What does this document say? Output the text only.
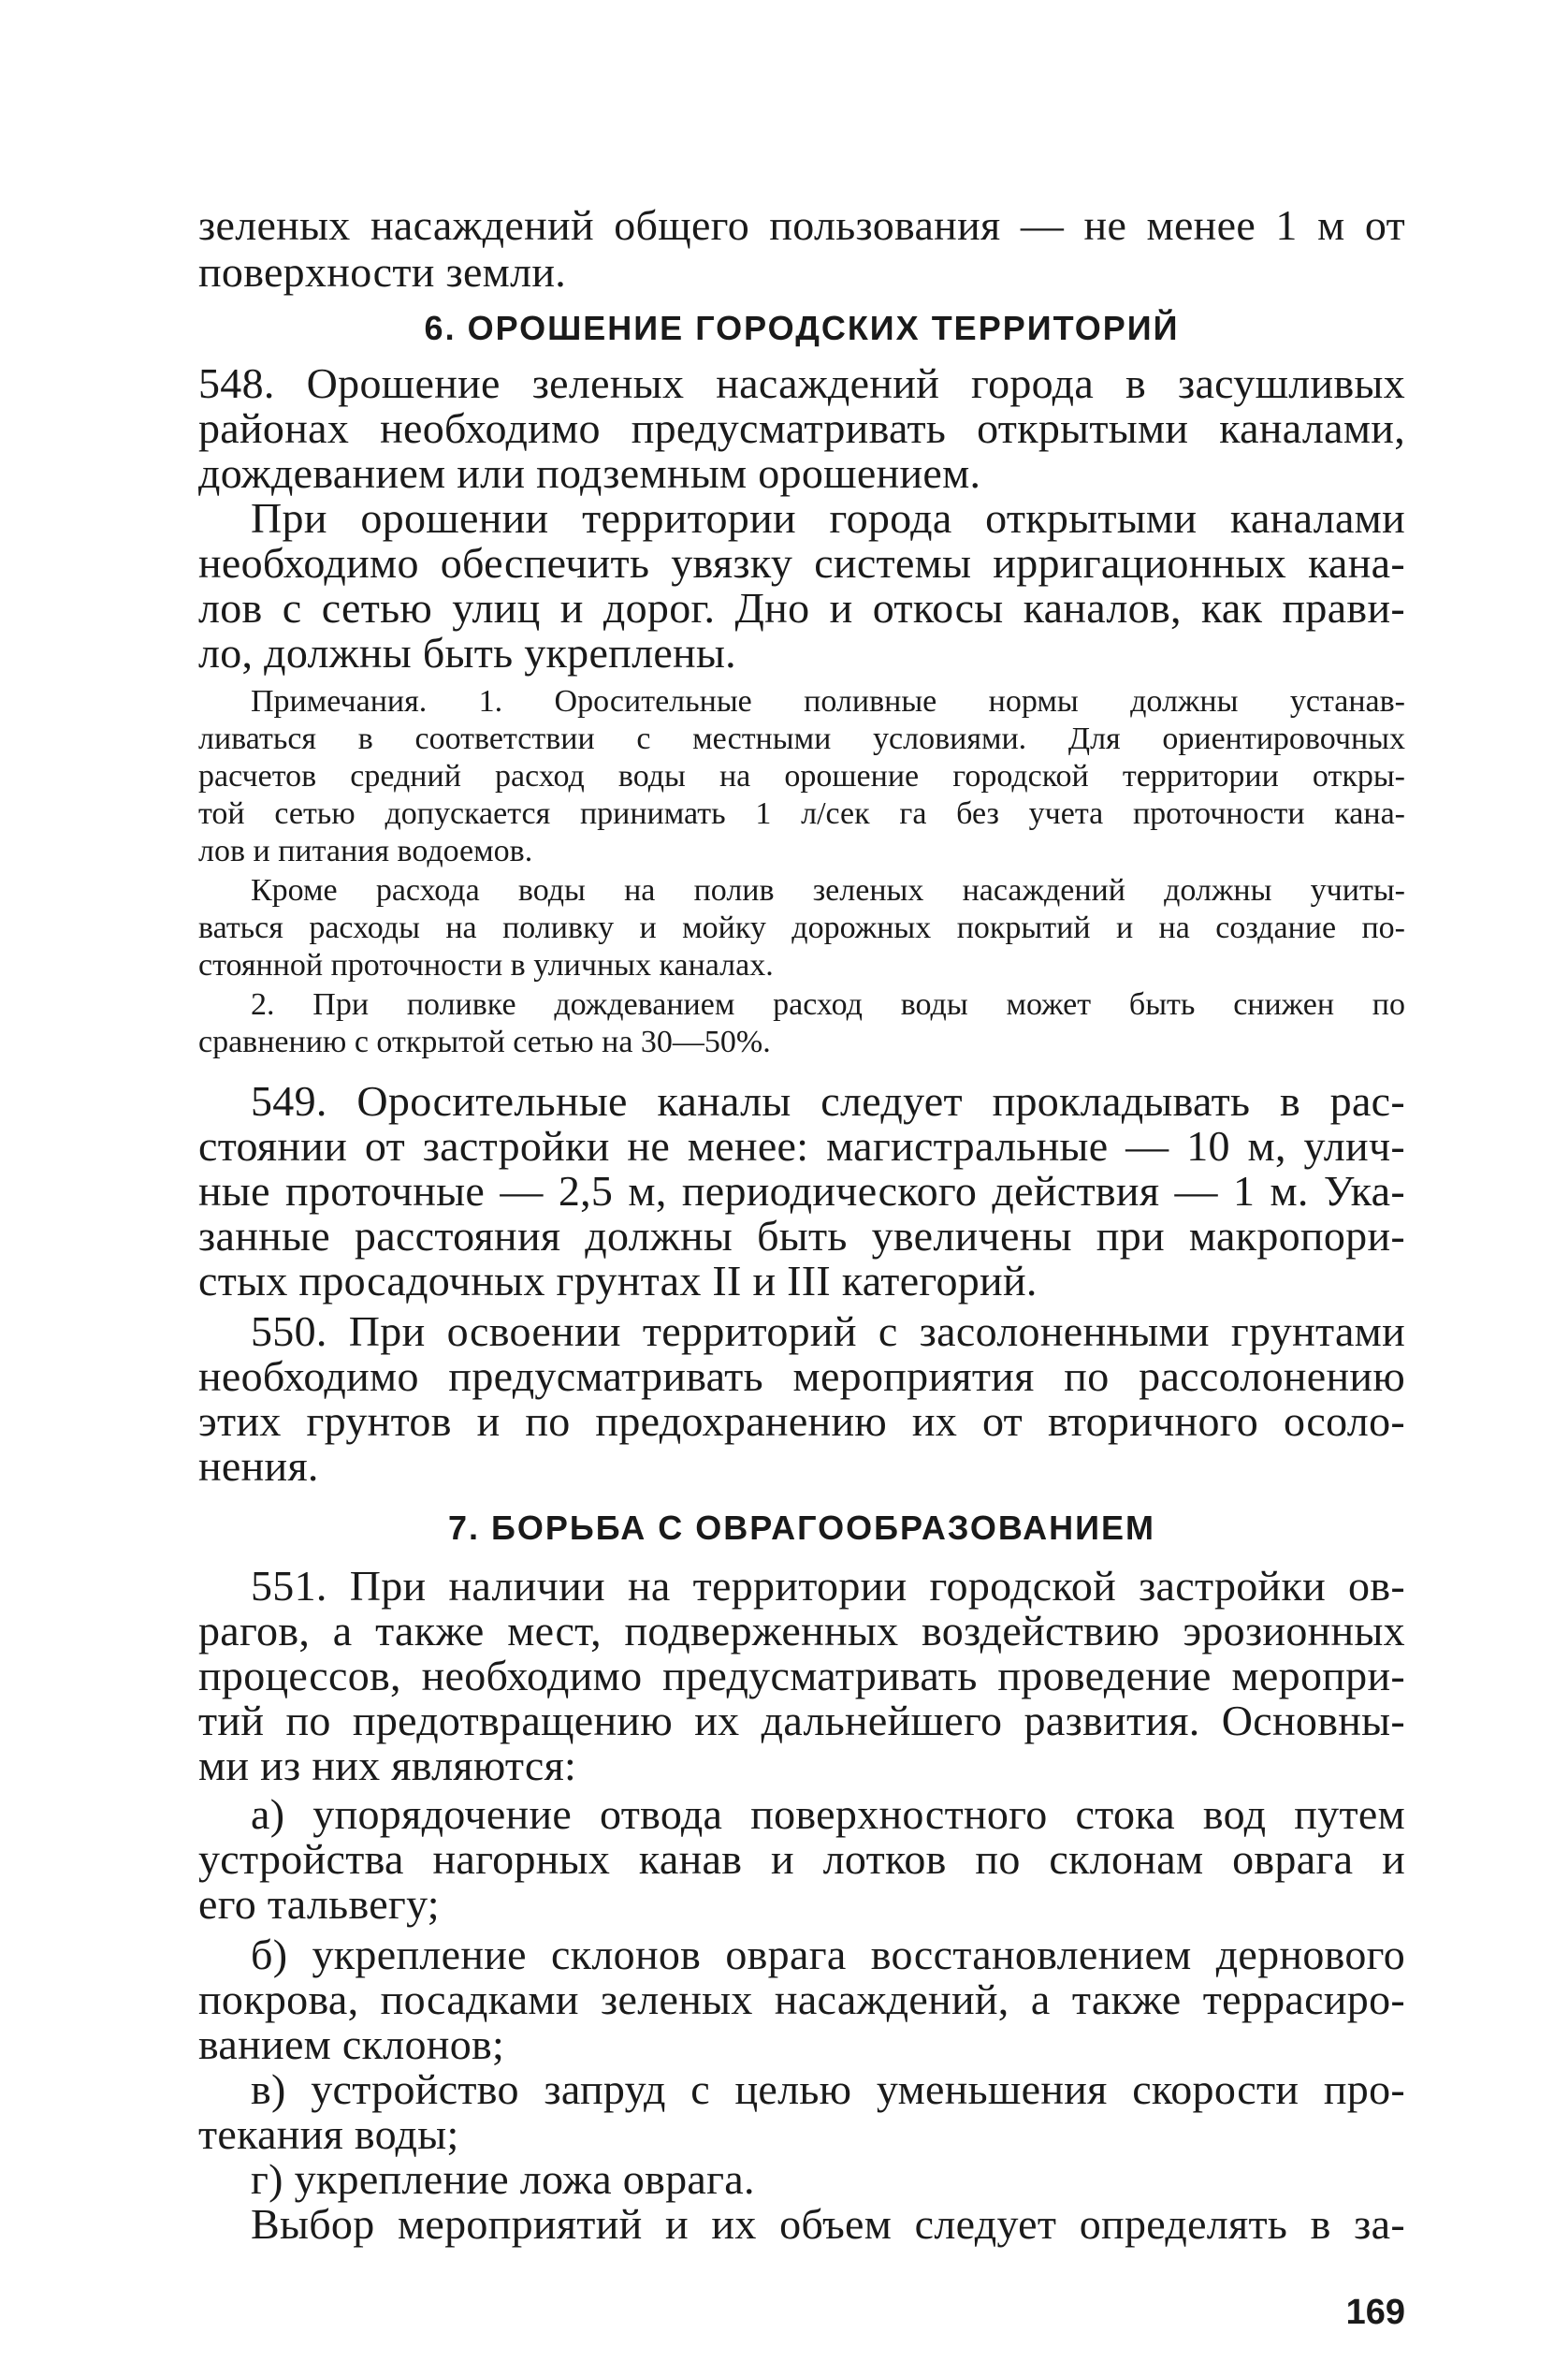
зеленых насаждений общего пользования — не менее 1 м от
поверхности земли.
6. ОРОШЕНИЕ ГОРОДСКИХ ТЕРРИТОРИЙ
548. Орошение зеленых насаждений города в засушливых
районах необходимо предусматривать открытыми каналами,
дождеванием или подземным орошением.
При орошении территории города открытыми каналами
необходимо обеспечить увязку системы ирригационных кана-
лов с сетью улиц и дорог. Дно и откосы каналов, как прави-
ло, должны быть укреплены.
Примечания. 1. Оросительные поливные нормы должны устанав-
ливаться в соответствии с местными условиями. Для ориентировочных
расчетов средний расход воды на орошение городской территории откры-
той сетью допускается принимать 1 л/сек га без учета проточности кана-
лов и питания водоемов.
Кроме расхода воды на полив зеленых насаждений должны учиты-
ваться расходы на поливку и мойку дорожных покрытий и на создание по-
стоянной проточности в уличных каналах.
2. При поливке дождеванием расход воды может быть снижен по
сравнению с открытой сетью на 30—50%.
549. Оросительные каналы следует прокладывать в рас-
стоянии от застройки не менее: магистральные — 10 м, улич-
ные проточные — 2,5 м, периодического действия — 1 м. Ука-
занные расстояния должны быть увеличены при макропори-
стых просадочных грунтах II и III категорий.
550. При освоении территорий с засолоненными грунтами
необходимо предусматривать мероприятия по рассолонению
этих грунтов и по предохранению их от вторичного осоло-
нения.
7. БОРЬБА С ОВРАГООБРАЗОВАНИЕМ
551. При наличии на территории городской застройки ов-
рагов, а также мест, подверженных воздействию эрозионных
процессов, необходимо предусматривать проведение меропри-
тий по предотвращению их дальнейшего развития. Основны-
ми из них являются:
а) упорядочение отвода поверхностного стока вод путем
устройства нагорных канав и лотков по склонам оврага и
его тальвегу;
б) укрепление склонов оврага восстановлением дернового
покрова, посадками зеленых насаждений, а также террасиро-
ванием склонов;
в) устройство запруд с целью уменьшения скорости про-
текания воды;
г) укрепление ложа оврага.
Выбор мероприятий и их объем следует определять в за-
169
